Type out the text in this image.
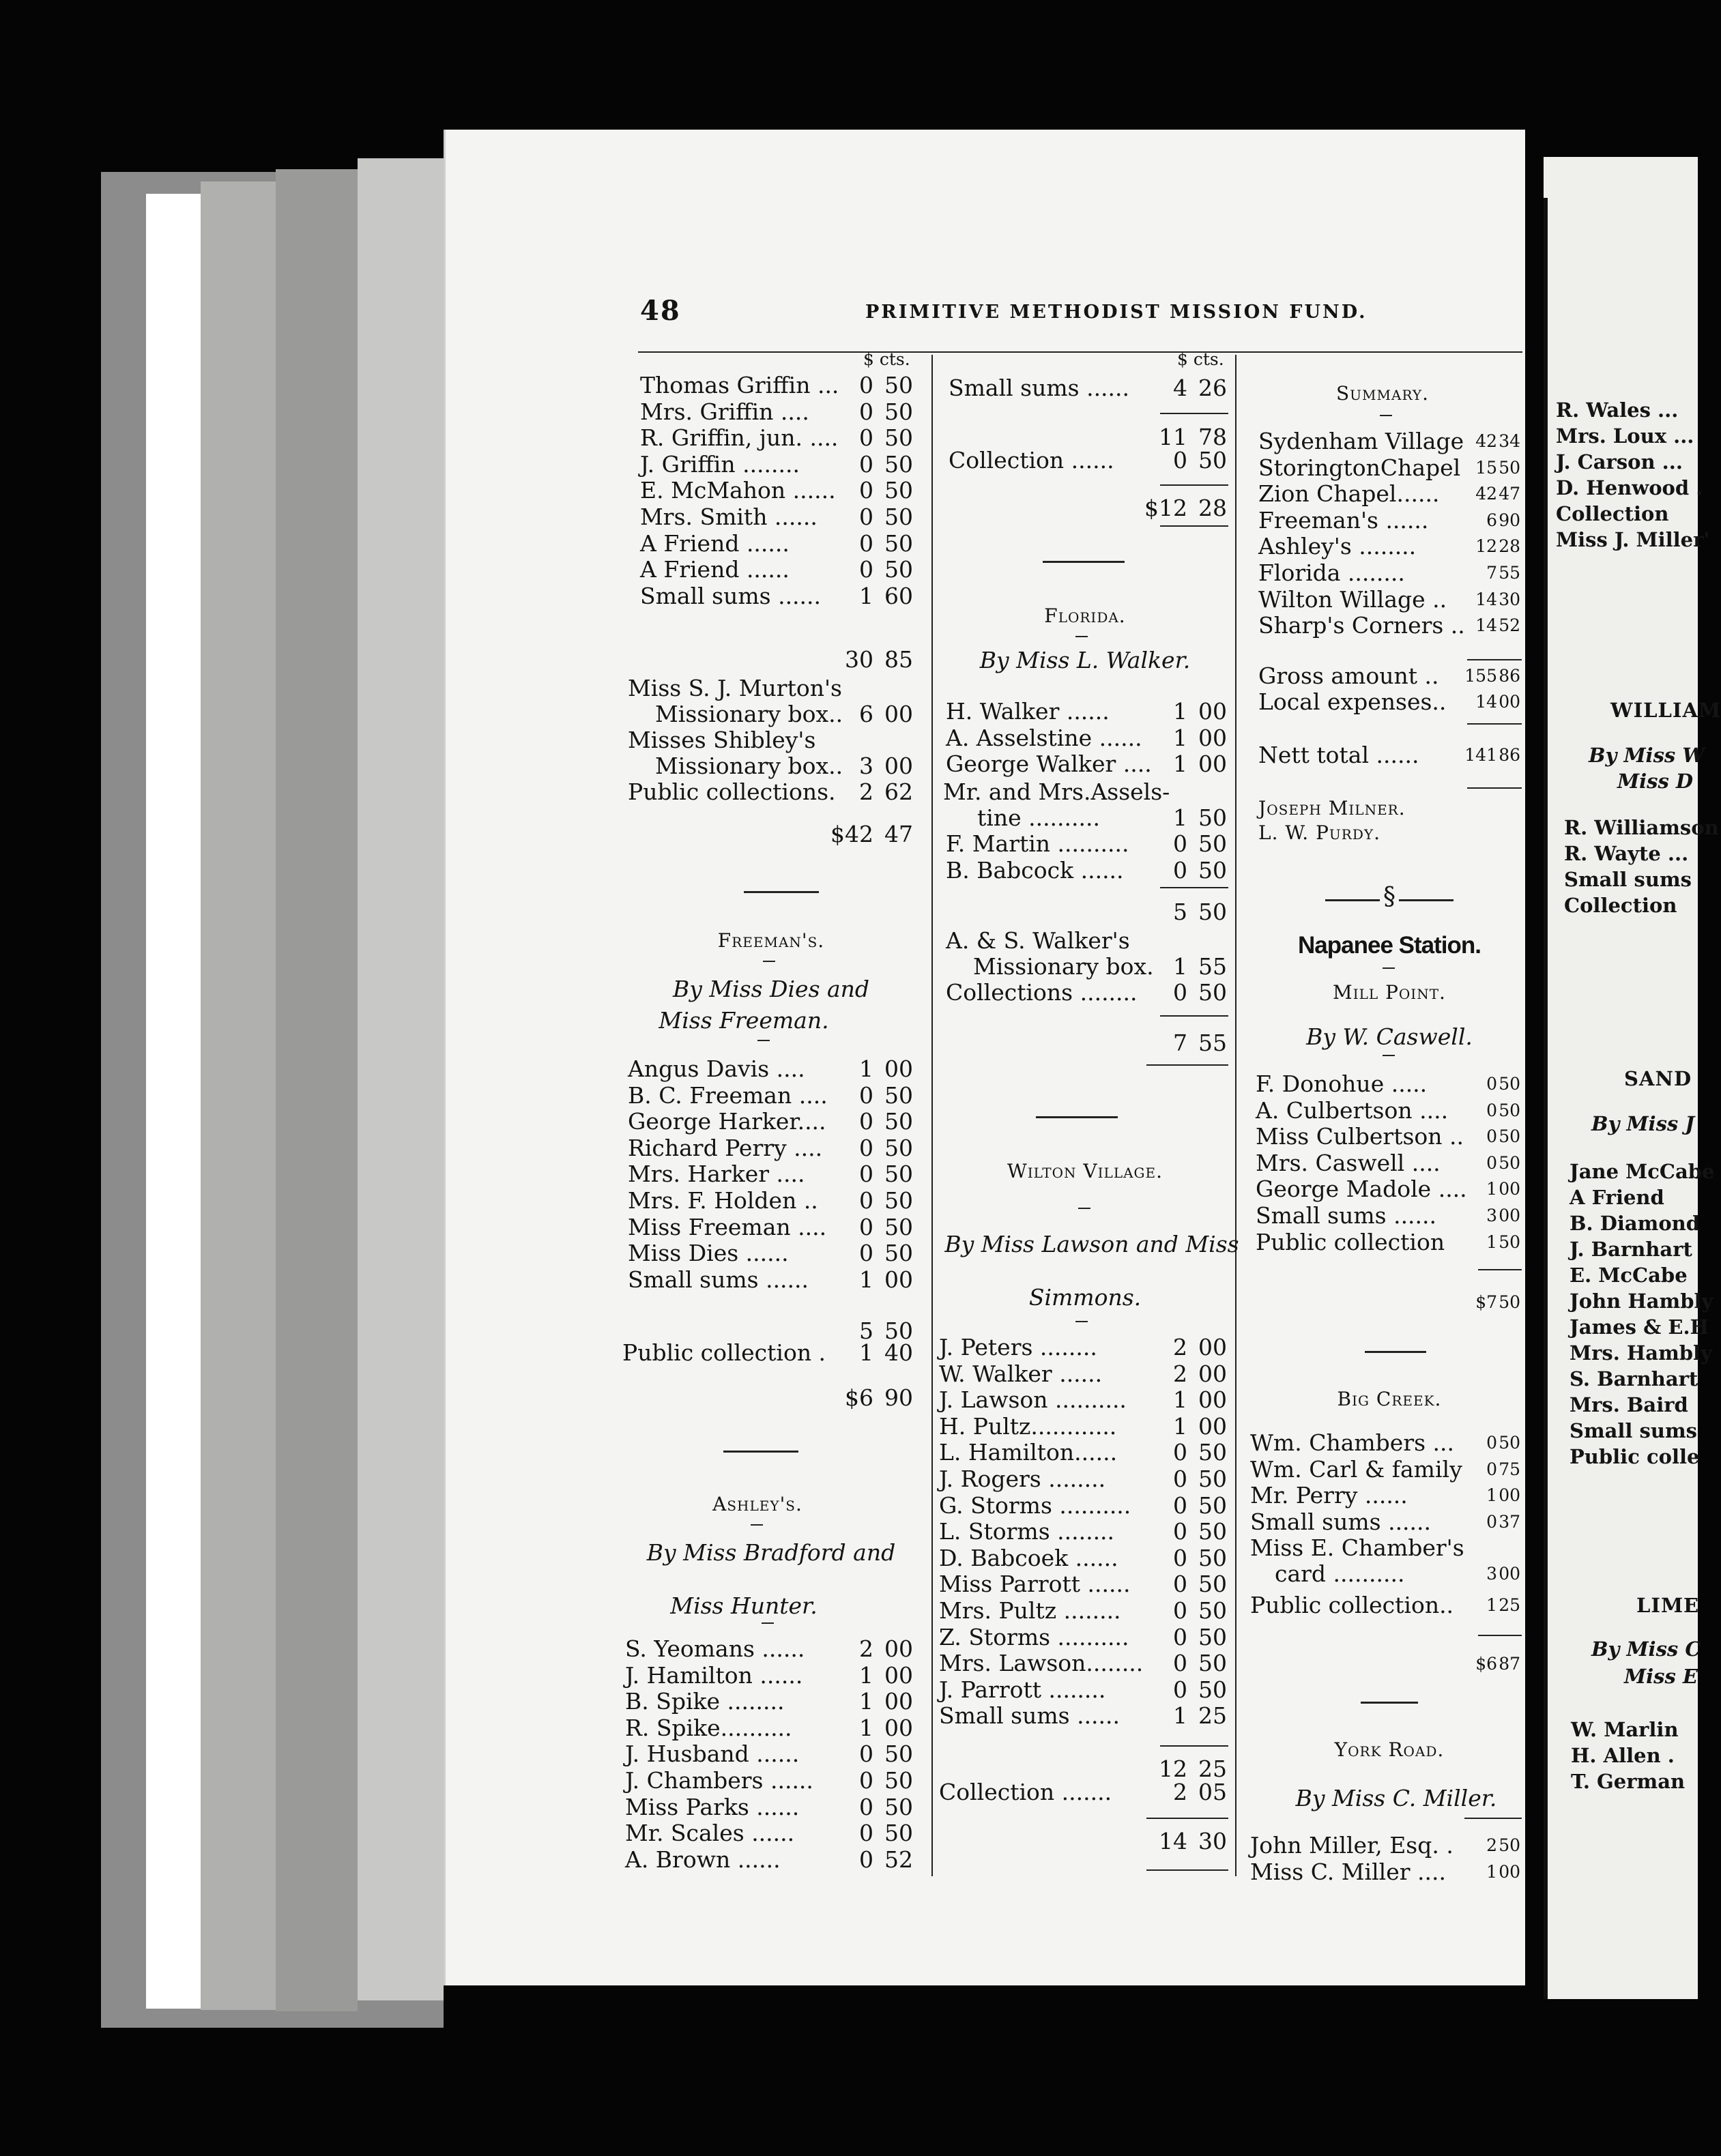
48	PRIMITIVE METHODIST MISSION FUND.
$ cts.
Thomas Griffin ... 0 50
Mrs. Griffin ....	0 50
R. Griffin, jun. .... 0 50
J. Griffin ........	0 50
E. McMahon ......	0 50
Mrs. Smith ......	0 50
A Friend ......	0 50
A Friend ......	0 50
Small sums ......	1 60
30 85
Miss S. J. Murton's
Missionary box.. 6 00
Misses Shibley's
Missionary box.. 3 00
Public collections.	2 62
$42 47
Freeman's.
By Miss Dies and
Miss Freeman.
Angus Davis ....	1 00
B. C. Freeman ....	0 50
George Harker....	0 50
Richard Perry ....	0 50
Mrs. Harker ....	0 50
Mrs. F. Holden ..	0 50
Miss Freeman ....	0 50
Miss Dies ......	0 50
Small sums ......	1 00
5 50
Public collection .	1 40
$6 90
Ashley's.
By Miss Bradford and
Miss Hunter.
S. Yeomans ......	2 00
J. Hamilton ......	1 00
B. Spike ........	1 00
R. Spike..........	1 00
J. Husband ......	0 50
J. Chambers ......	0 50
Miss Parks ......	0 50
Mr. Scales ......	0 50
A. Brown ......	0 52
$ cts.
Small sums ......	4 26
11 78
Collection ......	0 50
$12 28
Florida.
By Miss L. Walker.
H. Walker ......	1 00
A. Asselstine ......	1 00
George Walker .... 1 00
Mr. and Mrs.Assels-
tine ..........	1 50
F. Martin ..........	0 50
B. Babcock ......	0 50
5 50
A. & S. Walker's
Missionary box. 1 55
Collections ........	0 50
7 55
Wilton Village.
By Miss Lawson and Miss
Simmons.
J. Peters ........	2 00
W. Walker ......	2 00
J. Lawson ..........	1 00
H. Pultz............	1 00
L. Hamilton......	0 50
J. Rogers ........	0 50
G. Storms ..........	0 50
L. Storms ........	0 50
D. Babcoek ......	0 50
Miss Parrott ......	0 50
Mrs. Pultz ........	0 50
Z. Storms ..........	0 50
Mrs. Lawson........	0 50
J. Parrott ........	0 50
Small sums ......	1 25
12 25
Collection .......	2 05
14 30
Summary.
Sydenham Village 42 34
StoringtonChapel 15 50
Zion Chapel......	42 47
Freeman's ......	6 90
Ashley's ........	12 28
Florida ........	7 55
Wilton Willage ..	14 30
Sharp's Corners .. 14 52
Gross amount .. 155 86
Local expenses..	14 00
Nett total ......	141 86
Joseph Milner.
L. W. Purdy.
§
Napanee Station.
Mill Point.
By W. Caswell.
F. Donohue .....	0 50
A. Culbertson ....	0 50
Miss Culbertson ..	0 50
Mrs. Caswell ....	0 50
George Madole ....	1 00
Small sums ......	3 00
Public collection	1 50
$7 50
Big Creek.
Wm. Chambers ...	0 50
Wm. Carl & family	0 75
Mr. Perry ......	1 00
Small sums ......	0 37
Miss E. Chamber's
card ..........	3 00
Public collection..	1 25
$6 87
York Road.
By Miss C. Miller.
John Miller, Esq. .	2 50
Miss C. Miller ....	1 00
R. Wales ...
Mrs. Loux ...
J. Carson ...
D. Henwood .
Collection
Miss J. Miller'
WILLIAM
By Miss W
Miss D
R. Williamson
R. Wayte ...
Small sums
Collection
SAND
By Miss J
Jane McCabe
A Friend
B. Diamond
J. Barnhart
E. McCabe
John Hambly
James & E.H
Mrs. Hambly
S. Barnhart
Mrs. Baird
Small sums
Public colle
LIME
By Miss C
Miss E
W. Marlin
H. Allen .
T. German
